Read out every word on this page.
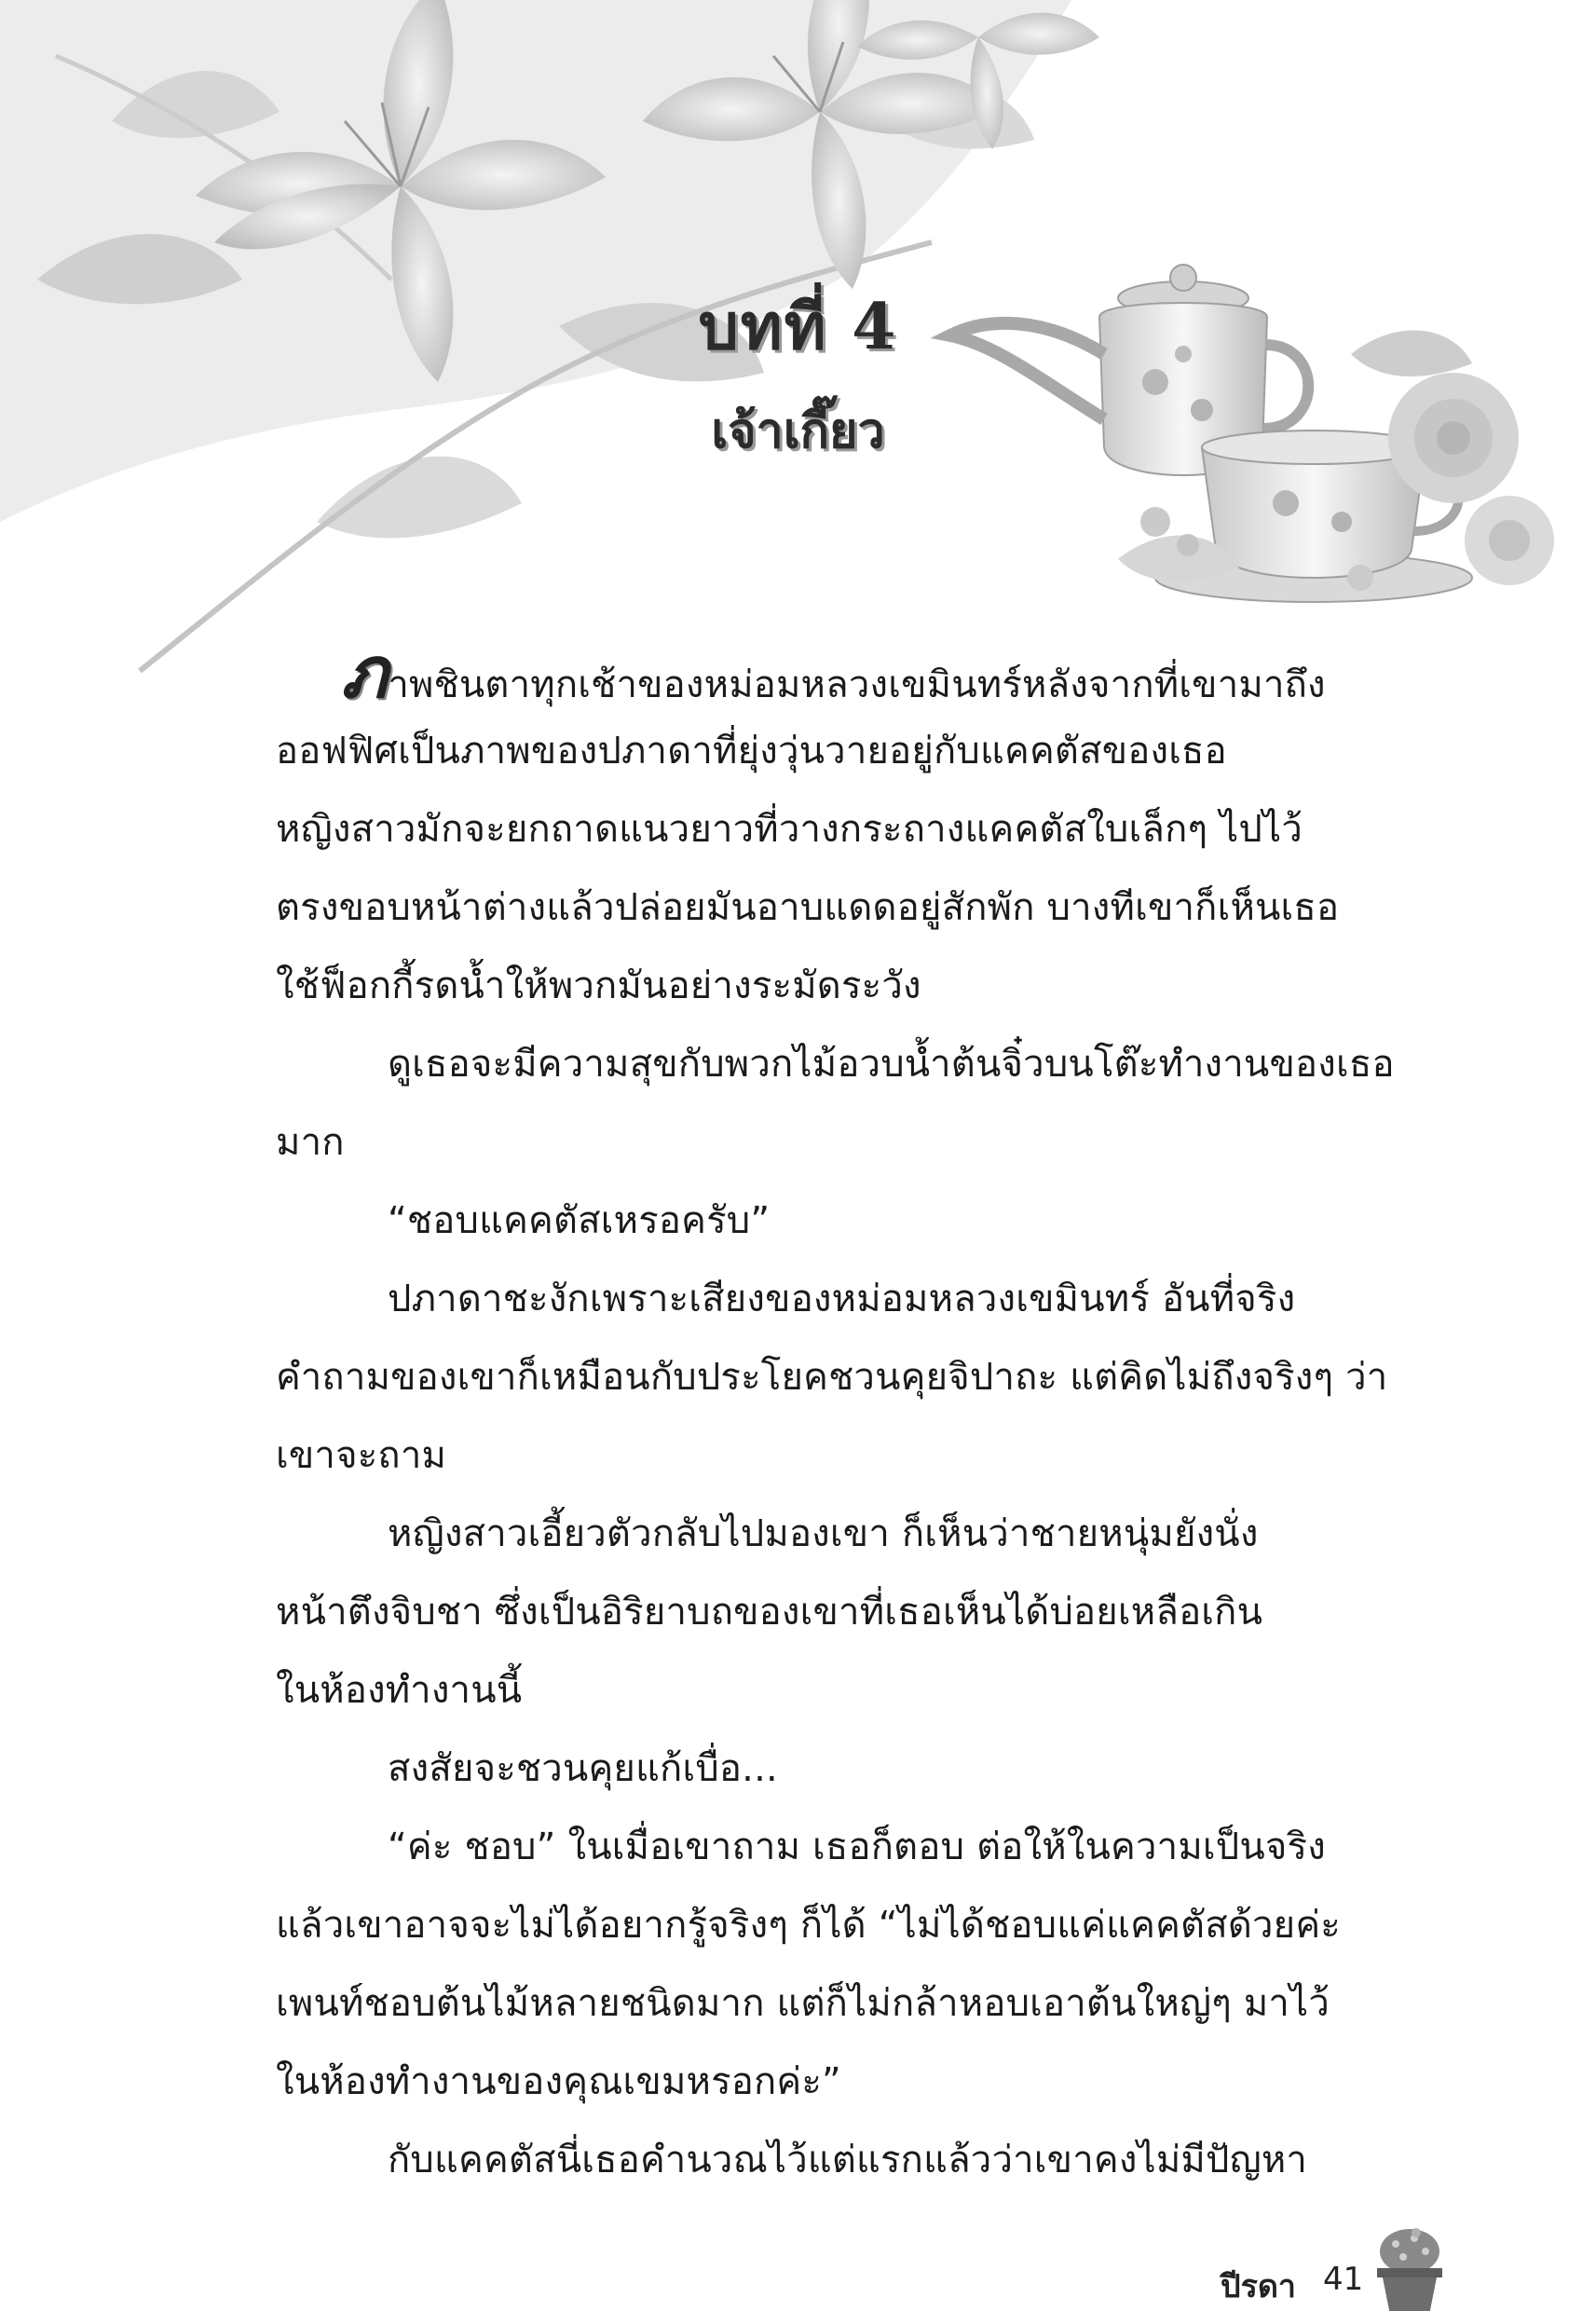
บทที่ 4
เจ้าเกี๊ยว
ภาพชินตาทุกเช้าของหม่อมหลวงเขมินทร์หลังจากที่เขามาถึง
ออฟฟิศเป็นภาพของปภาดาที่ยุ่งวุ่นวายอยู่กับแคคตัสของเธอ
หญิงสาวมักจะยกถาดแนวยาวที่วางกระถางแคคตัสใบเล็กๆ ไปไว้
ตรงขอบหน้าต่างแล้วปล่อยมันอาบแดดอยู่สักพัก บางทีเขาก็เห็นเธอ
ใช้ฟ็อกกี้รดน้ำให้พวกมันอย่างระมัดระวัง
ดูเธอจะมีความสุขกับพวกไม้อวบน้ำต้นจิ๋วบนโต๊ะทำงานของเธอ
มาก
“ชอบแคคตัสเหรอครับ”
ปภาดาชะงักเพราะเสียงของหม่อมหลวงเขมินทร์ อันที่จริง
คำถามของเขาก็เหมือนกับประโยคชวนคุยจิปาถะ แต่คิดไม่ถึงจริงๆ ว่า
เขาจะถาม
หญิงสาวเอี้ยวตัวกลับไปมองเขา ก็เห็นว่าชายหนุ่มยังนั่ง
หน้าตึงจิบชา ซึ่งเป็นอิริยาบถของเขาที่เธอเห็นได้บ่อยเหลือเกิน
ในห้องทำงานนี้
สงสัยจะชวนคุยแก้เบื่อ...
“ค่ะ ชอบ” ในเมื่อเขาถาม เธอก็ตอบ ต่อให้ในความเป็นจริง
แล้วเขาอาจจะไม่ได้อยากรู้จริงๆ ก็ได้ “ไม่ได้ชอบแค่แคคตัสด้วยค่ะ
เพนท์ชอบต้นไม้หลายชนิดมาก แต่ก็ไม่กล้าหอบเอาต้นใหญ่ๆ มาไว้
ในห้องทำงานของคุณเขมหรอกค่ะ”
กับแคคตัสนี่เธอคำนวณไว้แต่แรกแล้วว่าเขาคงไม่มีปัญหา
ปีรดา 41
